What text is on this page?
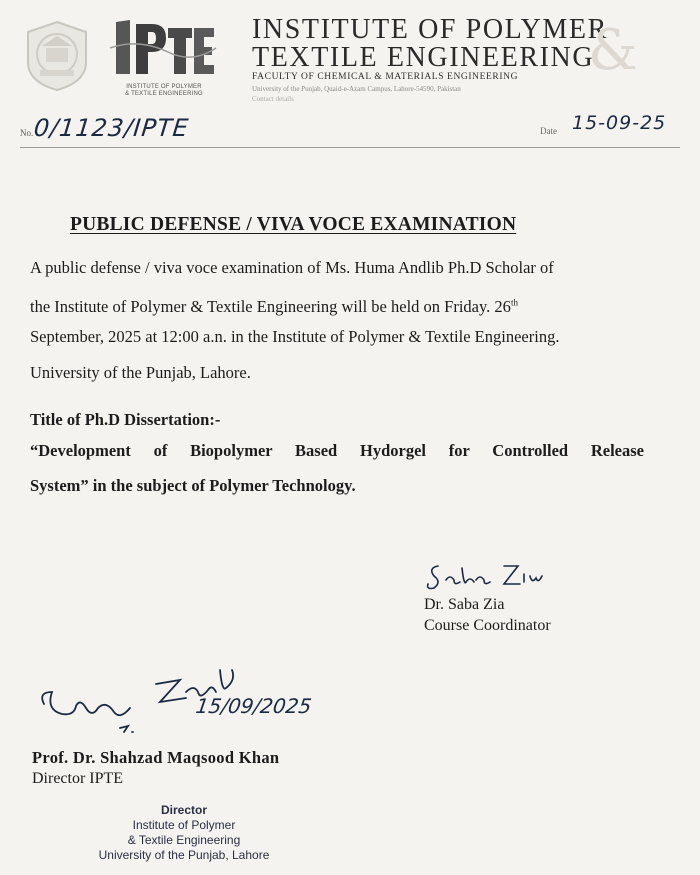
INSTITUTE OF POLYMER
& TEXTILE ENGINEERING
INSTITUTE OF POLYMER
TEXTILE ENGINEERING
&
FACULTY OF CHEMICAL & MATERIALS ENGINEERING
University of the Punjab, Quaid-e-Azam Campus, Lahore-54590, Pakistan
Contact details
No. 0/1123/IPTE	Date 15-09-25
PUBLIC DEFENSE / VIVA VOCE EXAMINATION
A public defense / viva voce examination of Ms. Huma Andlib Ph.D Scholar of
the Institute of Polymer & Textile Engineering will be held on Friday. 26th
September, 2025 at 12:00 a.n. in the Institute of Polymer & Textile Engineering.
University of the Punjab, Lahore.
Title of Ph.D Dissertation:-
“Development of Biopolymer Based Hydorgel for Controlled Release
System” in the subject of Polymer Technology.
Dr. Saba Zia
Course Coordinator
15/09/2025
Prof. Dr. Shahzad Maqsood Khan
Director IPTE
Director
Institute of Polymer
& Textile Engineering
University of the Punjab, Lahore
